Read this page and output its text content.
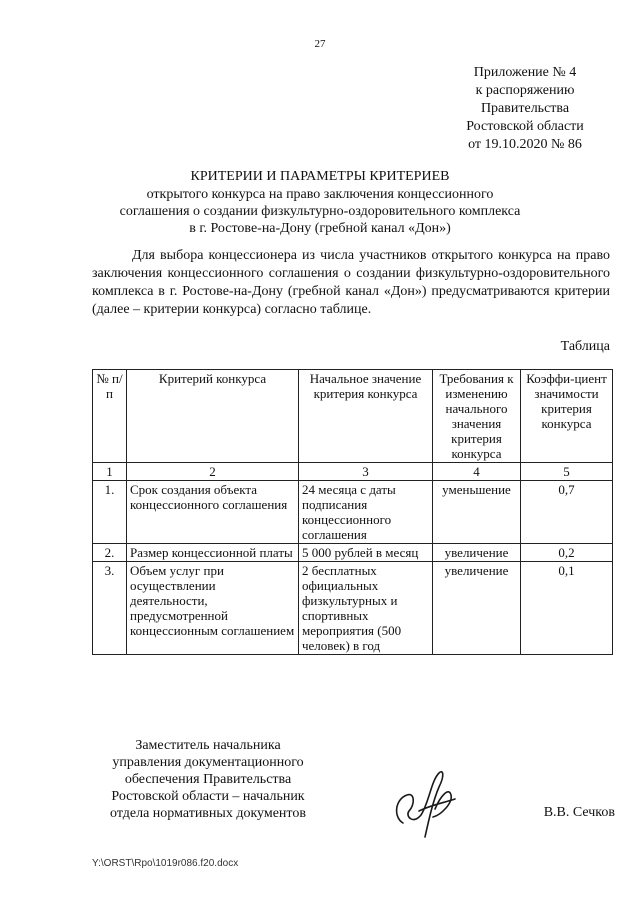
27
Приложение № 4
к распоряжению
Правительства
Ростовской области
от 19.10.2020 № 86
КРИТЕРИИ И ПАРАМЕТРЫ КРИТЕРИЕВ
открытого конкурса на право заключения концессионного
соглашения о создании физкультурно-оздоровительного комплекса
в г. Ростове-на-Дону (гребной канал «Дон»)

Для выбора концессионера из числа участников открытого конкурса на право заключения концессионного соглашения о создании физкультурно-оздоровительного комплекса в г. Ростове-на-Дону (гребной канал «Дон») предусматриваются критерии (далее – критерии конкурса) согласно таблице.

Таблица
№ п/п	Критерий конкурса	Начальное значение критерия конкурса	Требования к изменению начального значения критерия конкурса	Коэффи-циент значимости критерия конкурса
1	2	3	4	5
1.	Срок создания объекта концессионного соглашения	24 месяца с даты подписания концессионного соглашения	уменьшение	0,7
2.	Размер концессионной платы	5 000 рублей в месяц	увеличение	0,2
3.	Объем услуг при осуществлении деятельности, предусмотренной концессионным соглашением	2 бесплатных официальных физкультурных и спортивных мероприятия (500 человек) в год	увеличение	0,1
Заместитель начальника
управления документационного
обеспечения Правительства
Ростовской области – начальник
отдела нормативных документов	В.В. Сечков
Y:\ORST\Rpo\1019r086.f20.docx
